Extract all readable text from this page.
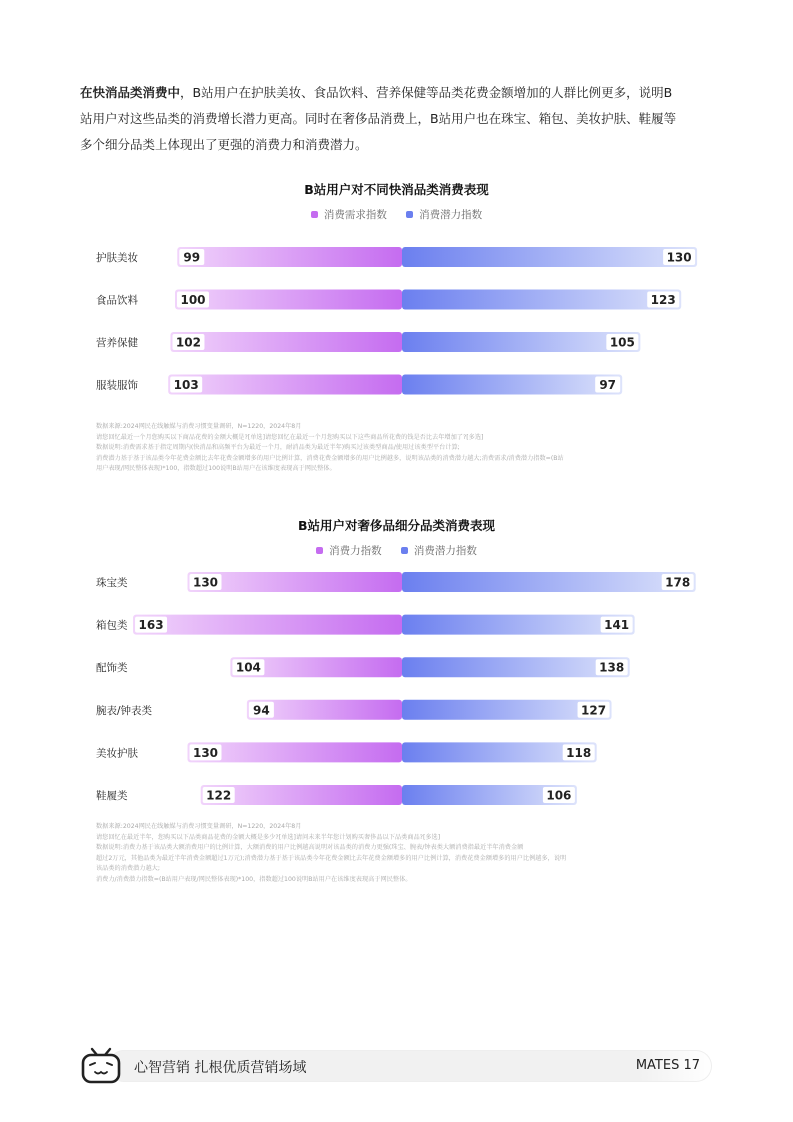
在快消品类消费中，B站用户在护肤美妆、食品饮料、营养保健等品类花费金额增加的人群比例更多，说明B
站用户对这些品类的消费增长潜力更高。同时在奢侈品消费上，B站用户也在珠宝、箱包、美妆护肤、鞋履等
多个细分品类上体现出了更强的消费力和消费潜力。
B站用户对不同快消品类消费表现
消费需求指数	消费潜力指数
护肤美妆	99	130
食品饮料	100	123
营养保健	102	105
服装服饰	103	97
数据来源:2024网民在线触媒与消费习惯变量调研，N=1220，2024年8月
请您回忆最近一个月您购买以下商品花费的金额大概是?[单选]请您回忆在最近一个月您购买以下这些商品所花费的钱是否比去年增加了?[多选]
数据说明:消费需求基于指定周期内(快消品和高频平台为最近一个月，耐消品类为最近半年)购买过该类型商品/使用过该类型平台计算;
消费潜力基于基于该品类今年花费金额比去年花费金额增多的用户比例计算，消费花费金额增多的用户比例越多，说明该品类的消费潜力越大;消费需求/消费潜力指数=(B站
用户表现/网民整体表现)*100，指数超过100说明B站用户在该维度表现高于网民整体。
B站用户对奢侈品细分品类消费表现
消费力指数	消费潜力指数
珠宝类	130	178
箱包类 163	141
配饰类	104	138
腕表/钟表类	94	127
美妆护肤	130	118
鞋履类	122	106
数据来源:2024网民在线触媒与消费习惯变量调研，N=1220，2024年8月
请您回忆在最近半年，您购买以下品类商品花费的金额大概是多少?[单选]请问未来半年您计划购买奢侈品以下品类商品?[多选]
数据说明:消费力基于该品类大额消费用户的比例计算，大额消费的用户比例越高说明对该品类的消费力更强(珠宝、腕表/钟表类大额消费指最近半年消费金额
超过2万元，其他品类为最近半年消费金额超过1万元);消费潜力基于基于该品类今年花费金额比去年花费金额增多的用户比例计算，消费花费金额增多的用户比例越多，说明
该品类的消费潜力越大;
消费力/消费潜力指数=(B站用户表现/网民整体表现)*100，指数超过100说明B站用户在该维度表现高于网民整体。
心智营销 扎根优质营销场域	MATES 17
